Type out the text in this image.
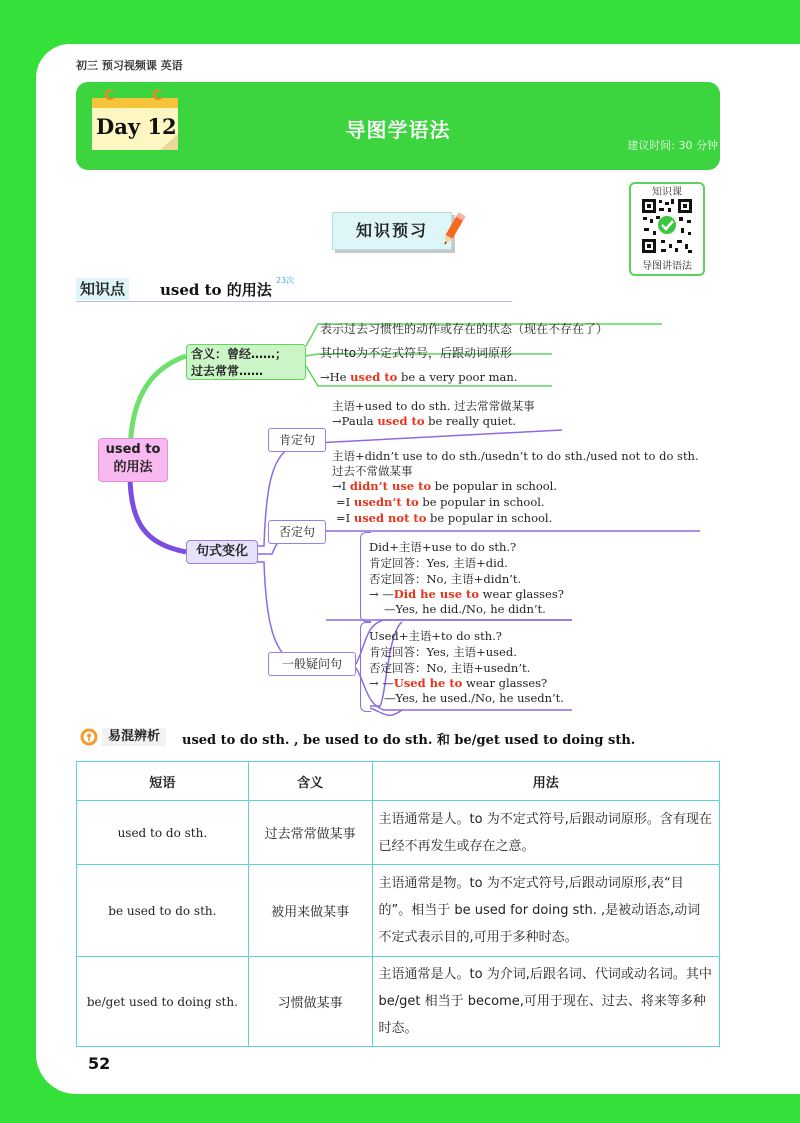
初三 预习视频课 英语
导图学语法
建议时间: 30 分钟
C	C
Day 12
知识课
导图讲语法
知识预习
知识点 used to 的用法
23次
used to
的用法
含义：曾经……；
过去常常……
表示过去习惯性的动作或存在的状态（现在不存在了）
其中to为不定式符号，后跟动词原形
→He used to be a very poor man.
句式变化
肯定句
主语+used to do sth. 过去常常做某事
→Paula used to be really quiet.
否定句
主语+didn’t use to do sth./usedn’t to do sth./used not to do sth.
过去不常做某事
→I didn’t use to be popular in school.
=I usedn’t to be popular in school.
=I used not to be popular in school.
一般疑问句
Did+主语+use to do sth.?
肯定回答：Yes, 主语+did.
否定回答：No, 主语+didn’t.
→ —Did he use to wear glasses?
—Yes, he did./No, he didn’t.
Used+主语+to do sth.?
肯定回答：Yes, 主语+used.
否定回答：No, 主语+usedn’t.
→ —Used he to wear glasses?
—Yes, he used./No, he usedn’t.
易混辨析	used to do sth. , be used to do sth. 和 be/get used to doing sth.
短语	含义	用法
used to do sth.	过去常常做某事	主语通常是人。to 为不定式符号,后跟动词原形。含有现在已经不再发生或存在之意。
be used to do sth.	被用来做某事	主语通常是物。to 为不定式符号,后跟动词原形,表“目的”。相当于 be used for doing sth. ,是被动语态,动词不定式表示目的,可用于多种时态。
be/get used to doing sth.	习惯做某事	主语通常是人。to 为介词,后跟名词、代词或动名词。其中 be/get 相当于 become,可用于现在、过去、将来等多种时态。
52
